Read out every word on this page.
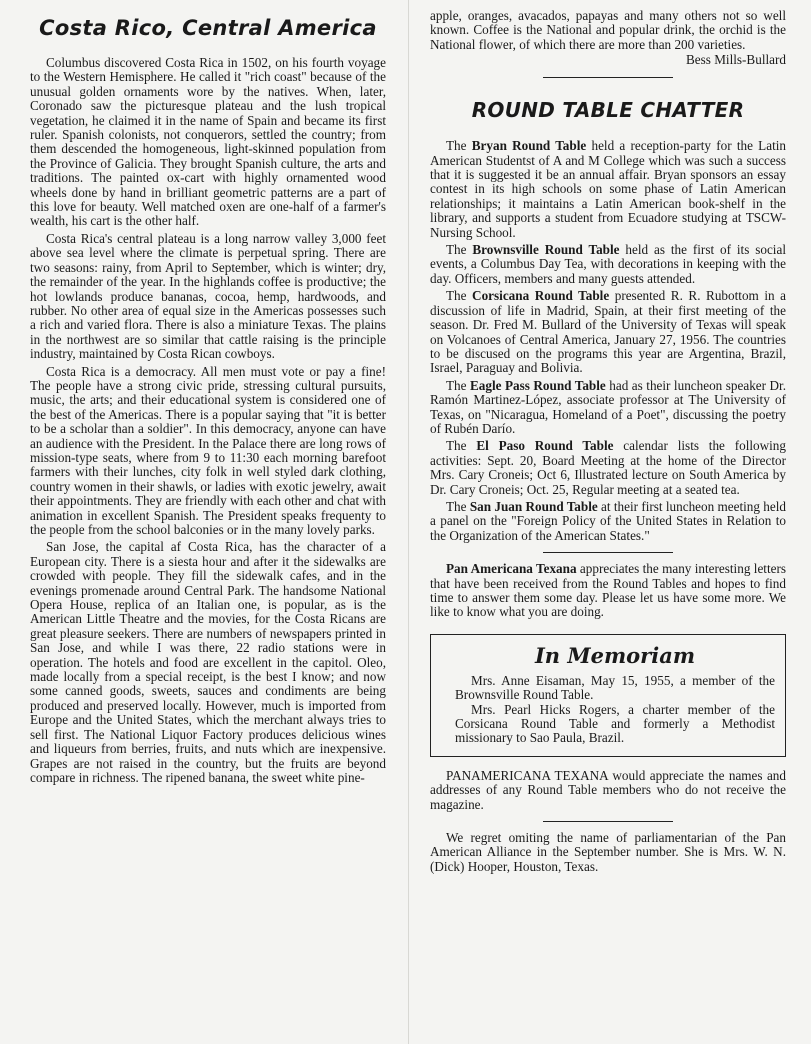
Costa Rico, Central America

Columbus discovered Costa Rica in 1502, on his fourth voyage to the Western Hemisphere. He called it "rich coast" because of the unusual golden ornaments wore by the natives. When, later, Coronado saw the picturesque plateau and the lush tropical vegetation, he claimed it in the name of Spain and became its first ruler. Spanish colonists, not conquerors, settled the country; from them descended the homogeneous, light-skinned population from the Province of Galicia. They brought Spanish culture, the arts and traditions. The painted ox-cart with highly ornamented wood wheels done by hand in brilliant geometric patterns are a part of this love for beauty. Well matched oxen are one-half of a farmer's wealth, his cart is the other half.

Costa Rica's central plateau is a long narrow valley 3,000 feet above sea level where the climate is perpetual spring. There are two seasons: rainy, from April to September, which is winter; dry, the remainder of the year. In the highlands coffee is productive; the hot lowlands produce bananas, cocoa, hemp, hardwoods, and rubber. No other area of equal size in the Americas possesses such a rich and varied flora. There is also a miniature Texas. The plains in the northwest are so similar that cattle raising is the principle industry, maintained by Costa Rican cowboys.

Costa Rica is a democracy. All men must vote or pay a fine! The people have a strong civic pride, stressing cultural pursuits, music, the arts; and their educational system is considered one of the best of the Americas. There is a popular saying that "it is better to be a scholar than a soldier". In this democracy, anyone can have an audience with the President. In the Palace there are long rows of mission-type seats, where from 9 to 11:30 each morning barefoot farmers with their lunches, city folk in well styled dark clothing, country women in their shawls, or ladies with exotic jewelry, await their appointments. They are friendly with each other and chat with animation in excellent Spanish. The President speaks frequenty to the people from the school balconies or in the many lovely parks.

San Jose, the capital af Costa Rica, has the character of a European city. There is a siesta hour and after it the sidewalks are crowded with people. They fill the sidewalk cafes, and in the evenings promenade around Central Park. The handsome National Opera House, replica of an Italian one, is popular, as is the American Little Theatre and the movies, for the Costa Ricans are great pleasure seekers. There are numbers of newspapers printed in San Jose, and while I was there, 22 radio stations were in operation. The hotels and food are excellent in the capitol. Oleo, made locally from a special receipt, is the best I know; and now some canned goods, sweets, sauces and condiments are being produced and preserved locally. However, much is imported from Europe and the United States, which the merchant always tries to sell first. The National Liquor Factory produces delicious wines and liqueurs from berries, fruits, and nuts which are inexpensive. Grapes are not raised in the country, but the fruits are beyond compare in richness. The ripened banana, the sweet white pine-

apple, oranges, avacados, papayas and many others not so well known. Coffee is the National and popular drink, the orchid is the National flower, of which there are more than 200 varieties.

Bess Mills-Bullard

ROUND TABLE CHATTER

The Bryan Round Table held a reception-party for the Latin American Studentst of A and M College which was such a success that it is suggested it be an annual affair. Bryan sponsors an essay contest in its high schools on some phase of Latin American relationships; it maintains a Latin American book-shelf in the library, and supports a student from Ecuadore studying at TSCW-Nursing School.

The Brownsville Round Table held as the first of its social events, a Columbus Day Tea, with decorations in keeping with the day. Officers, members and many guests attended.

The Corsicana Round Table presented R. R. Rubottom in a discussion of life in Madrid, Spain, at their first meeting of the season. Dr. Fred M. Bullard of the University of Texas will speak on Volcanoes of Central America, January 27, 1956. The countries to be discused on the programs this year are Argentina, Brazil, Israel, Paraguay and Bolivia.

The Eagle Pass Round Table had as their luncheon speaker Dr. Ramón Martinez-López, associate professor at The University of Texas, on "Nicaragua, Homeland of a Poet", discussing the poetry of Rubén Darío.

The El Paso Round Table calendar lists the following activities: Sept. 20, Board Meeting at the home of the Director Mrs. Cary Croneis; Oct 6, Illustrated lecture on South America by Dr. Cary Croneis; Oct. 25, Regular meeting at a seated tea.

The San Juan Round Table at their first luncheon meeting held a panel on the "Foreign Policy of the United States in Relation to the Organization of the American States."

Pan Americana Texana appreciates the many interesting letters that have been received from the Round Tables and hopes to find time to answer them some day. Please let us have some more. We like to know what you are doing.

In Memoriam

Mrs. Anne Eisaman, May 15, 1955, a member of the Brownsville Round Table.

Mrs. Pearl Hicks Rogers, a charter member of the Corsicana Round Table and formerly a Methodist missionary to Sao Paula, Brazil.

PANAMERICANA TEXANA would appreciate the names and addresses of any Round Table members who do not receive the magazine.

We regret omiting the name of parliamentarian of the Pan American Alliance in the September number. She is Mrs. W. N. (Dick) Hooper, Houston, Texas.
